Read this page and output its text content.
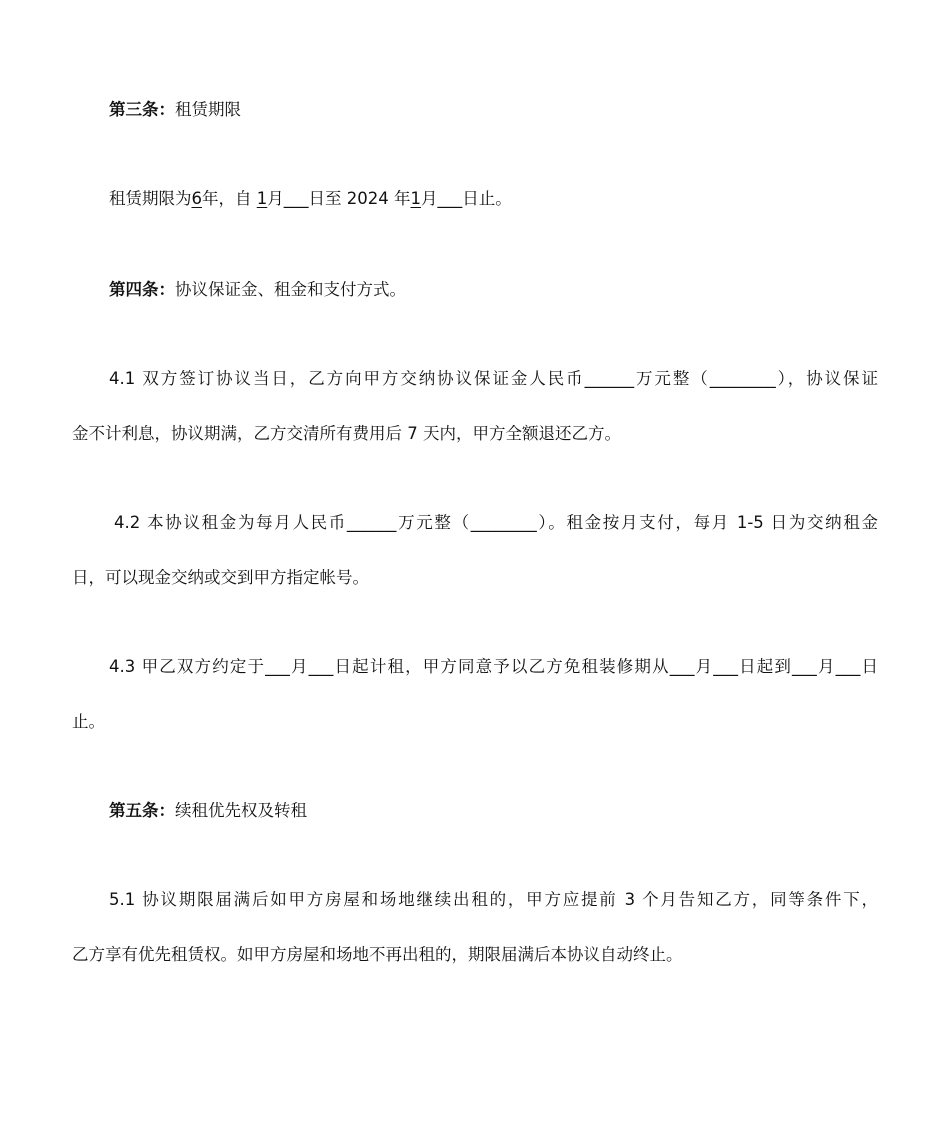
第三条：租赁期限
租赁期限为6年，自 1月___日至 2024 年1月___日止。
第四条：协议保证金、租金和支付方式。
4.1 双方签订协议当日，乙方向甲方交纳协议保证金人民币______万元整（________），协议保证
金不计利息，协议期满，乙方交清所有费用后 7 天内，甲方全额退还乙方。
4.2 本协议租金为每月人民币______万元整（________）。租金按月支付，每月 1-5 日为交纳租金
日，可以现金交纳或交到甲方指定帐号。
4.3 甲乙双方约定于___月___日起计租，甲方同意予以乙方免租装修期从___月___日起到___月___日
止。
第五条：续租优先权及转租
5.1 协议期限届满后如甲方房屋和场地继续出租的，甲方应提前 3 个月告知乙方，同等条件下，
乙方享有优先租赁权。如甲方房屋和场地不再出租的，期限届满后本协议自动终止。
